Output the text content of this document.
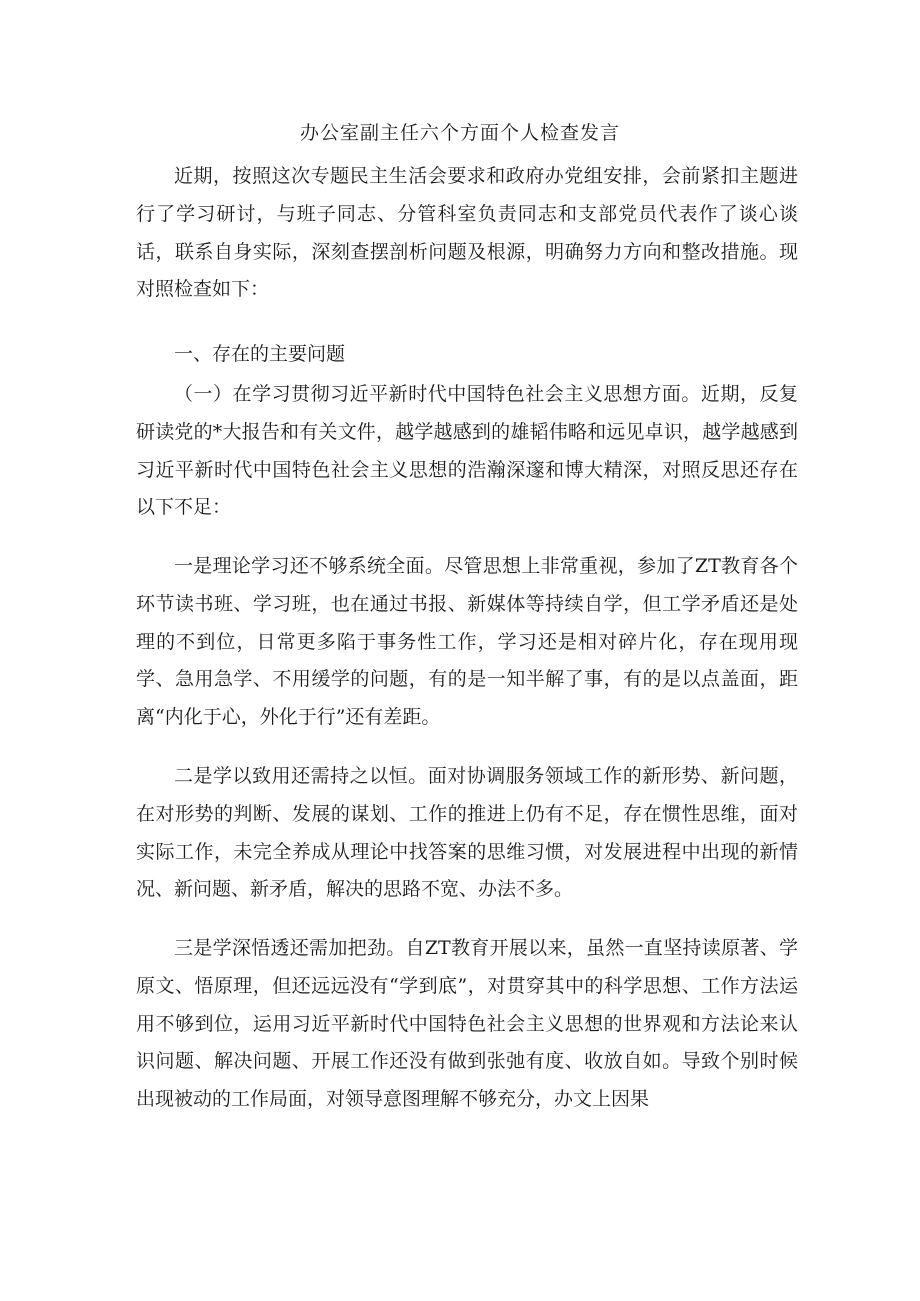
办公室副主任六个方面个人检查发言
近期，按照这次专题民主生活会要求和政府办党组安排，会前紧扣主题进行了学习研讨，与班子同志、分管科室负责同志和支部党员代表作了谈心谈话，联系自身实际，深刻查摆剖析问题及根源，明确努力方向和整改措施。现对照检查如下：
一、存在的主要问题
（一）在学习贯彻习近平新时代中国特色社会主义思想方面。近期，反复研读党的*大报告和有关文件，越学越感到的雄韬伟略和远见卓识，越学越感到习近平新时代中国特色社会主义思想的浩瀚深邃和博大精深，对照反思还存在以下不足：
一是理论学习还不够系统全面。尽管思想上非常重视，参加了ZT教育各个环节读书班、学习班，也在通过书报、新媒体等持续自学，但工学矛盾还是处理的不到位，日常更多陷于事务性工作，学习还是相对碎片化，存在现用现学、急用急学、不用缓学的问题，有的是一知半解了事，有的是以点盖面，距离“内化于心，外化于行”还有差距。
二是学以致用还需持之以恒。面对协调服务领域工作的新形势、新问题，在对形势的判断、发展的谋划、工作的推进上仍有不足，存在惯性思维，面对实际工作，未完全养成从理论中找答案的思维习惯，对发展进程中出现的新情况、新问题、新矛盾，解决的思路不宽、办法不多。
三是学深悟透还需加把劲。自ZT教育开展以来，虽然一直坚持读原著、学原文、悟原理，但还远远没有“学到底”，对贯穿其中的科学思想、工作方法运用不够到位，运用习近平新时代中国特色社会主义思想的世界观和方法论来认识问题、解决问题、开展工作还没有做到张弛有度、收放自如。导致个别时候出现被动的工作局面，对领导意图理解不够充分，办文上因果
